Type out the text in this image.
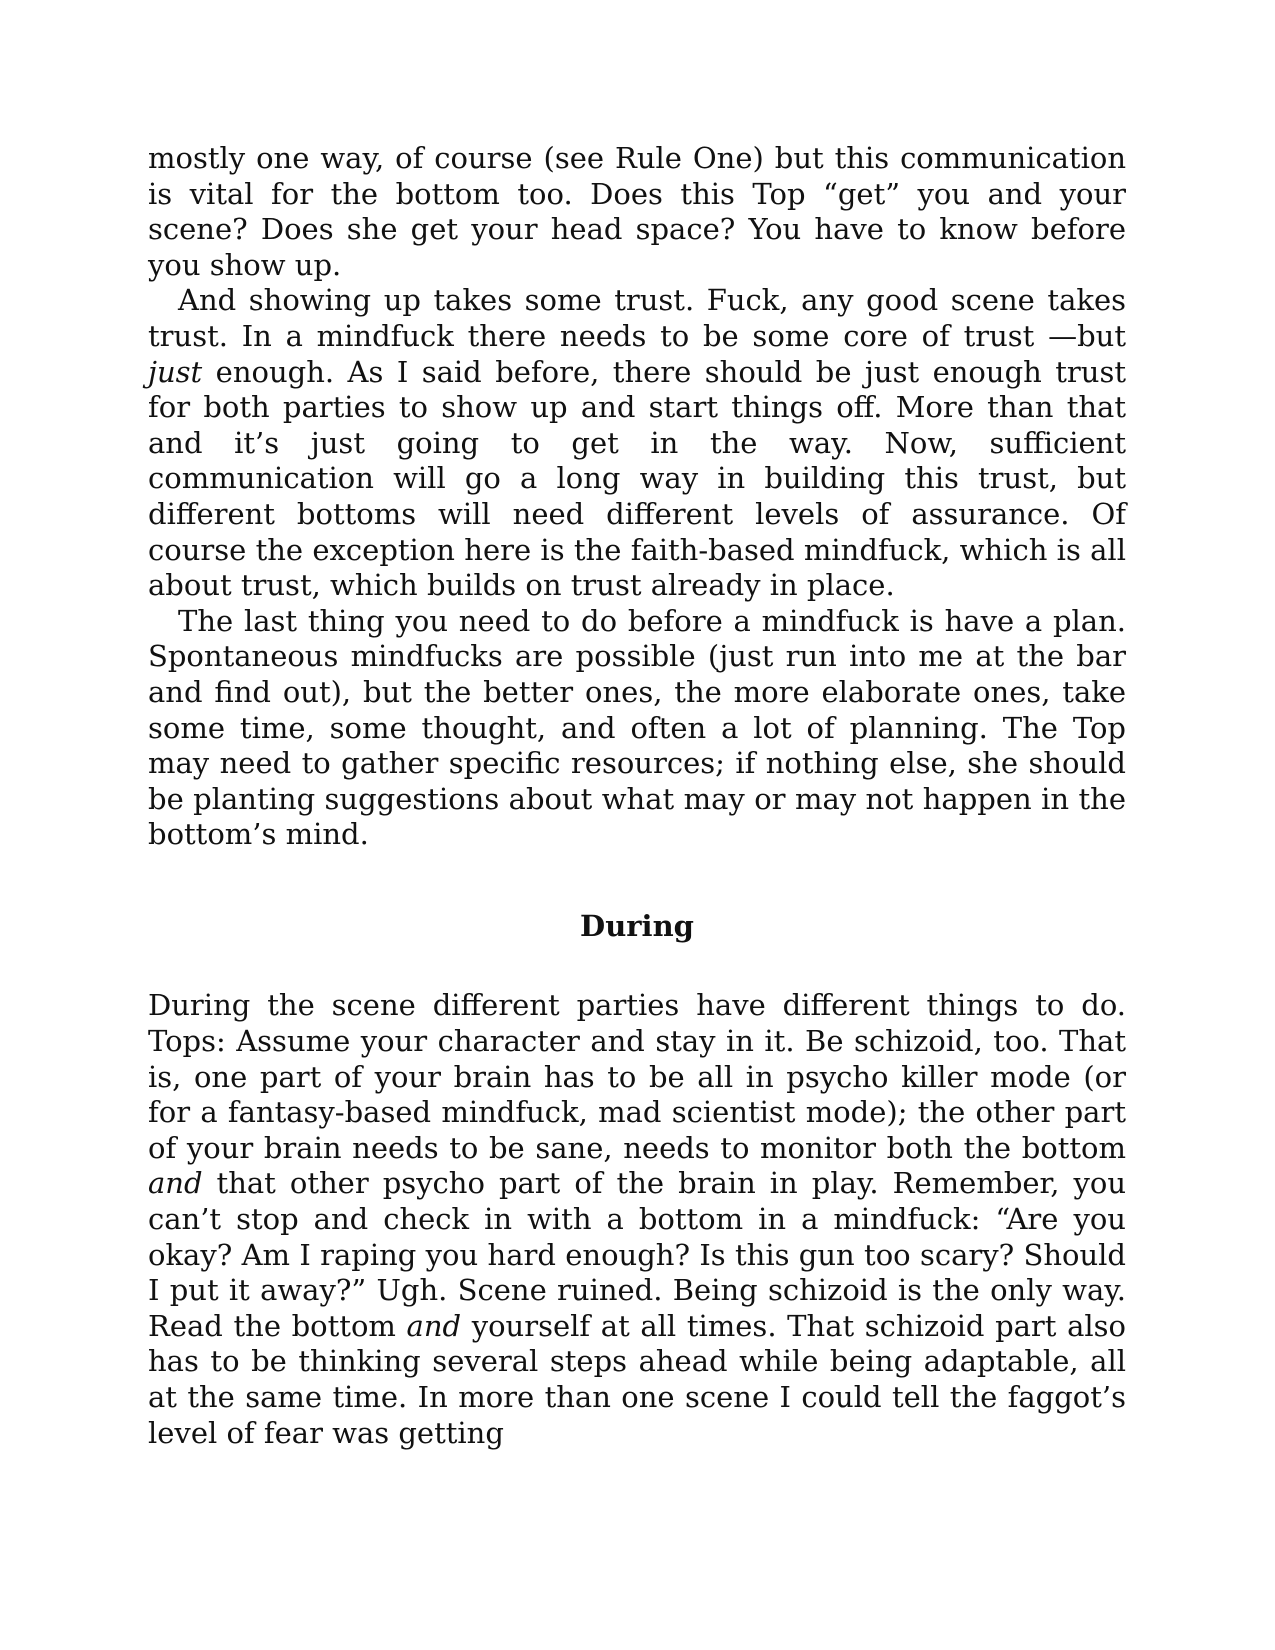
mostly one way, of course (see Rule One) but this communication is vital for the bottom too. Does this Top “get” you and your scene? Does she get your head space? You have to know before you show up.

And showing up takes some trust. Fuck, any good scene takes trust. In a mindfuck there needs to be some core of trust —but just enough. As I said before, there should be just enough trust for both parties to show up and start things off. More than that and it’s just going to get in the way. Now, sufficient communication will go a long way in building this trust, but different bottoms will need different levels of assurance. Of course the exception here is the faith-based mindfuck, which is all about trust, which builds on trust already in place.

The last thing you need to do before a mindfuck is have a plan. Spontaneous mindfucks are possible (just run into me at the bar and find out), but the better ones, the more elaborate ones, take some time, some thought, and often a lot of planning. The Top may need to gather specific resources; if nothing else, she should be planting suggestions about what may or may not happen in the bottom’s mind.

During

During the scene different parties have different things to do. Tops: Assume your character and stay in it. Be schizoid, too. That is, one part of your brain has to be all in psycho killer mode (or for a fantasy-based mindfuck, mad scientist mode); the other part of your brain needs to be sane, needs to monitor both the bottom and that other psycho part of the brain in play. Remember, you can’t stop and check in with a bottom in a mindfuck: “Are you okay? Am I raping you hard enough? Is this gun too scary? Should I put it away?” Ugh. Scene ruined. Being schizoid is the only way. Read the bottom and yourself at all times. That schizoid part also has to be thinking several steps ahead while being adaptable, all at the same time. In more than one scene I could tell the faggot’s level of fear was getting
